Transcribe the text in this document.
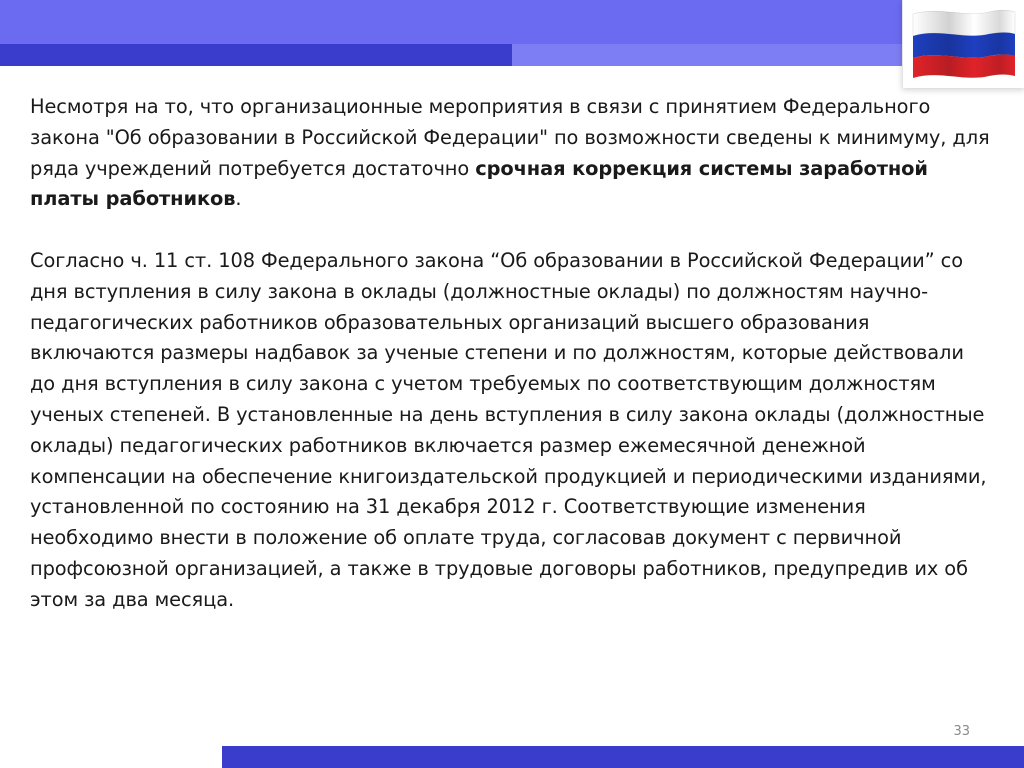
Несмотря на то, что организационные мероприятия в связи с принятием Федерального закона "Об образовании в Российской Федерации" по возможности сведены к минимуму, для ряда учреждений потребуется достаточно срочная коррекция системы заработной платы работников.

Согласно ч. 11 ст. 108 Федерального закона “Об образовании в Российской Федерации” со дня вступления в силу закона в оклады (должностные оклады) по должностям научно-педагогических работников образовательных организаций высшего образования включаются размеры надбавок за ученые степени и по должностям, которые действовали до дня вступления в силу закона с учетом требуемых по соответствующим должностям ученых степеней. В установленные на день вступления в силу закона оклады (должностные оклады) педагогических работников включается размер ежемесячной денежной компенсации на обеспечение книгоиздательской продукцией и периодическими изданиями, установленной по состоянию на 31 декабря 2012 г. Соответствующие изменения необходимо внести в положение об оплате труда, согласовав документ с первичной профсоюзной организацией, а также в трудовые договоры работников, предупредив их об этом за два месяца.

33
